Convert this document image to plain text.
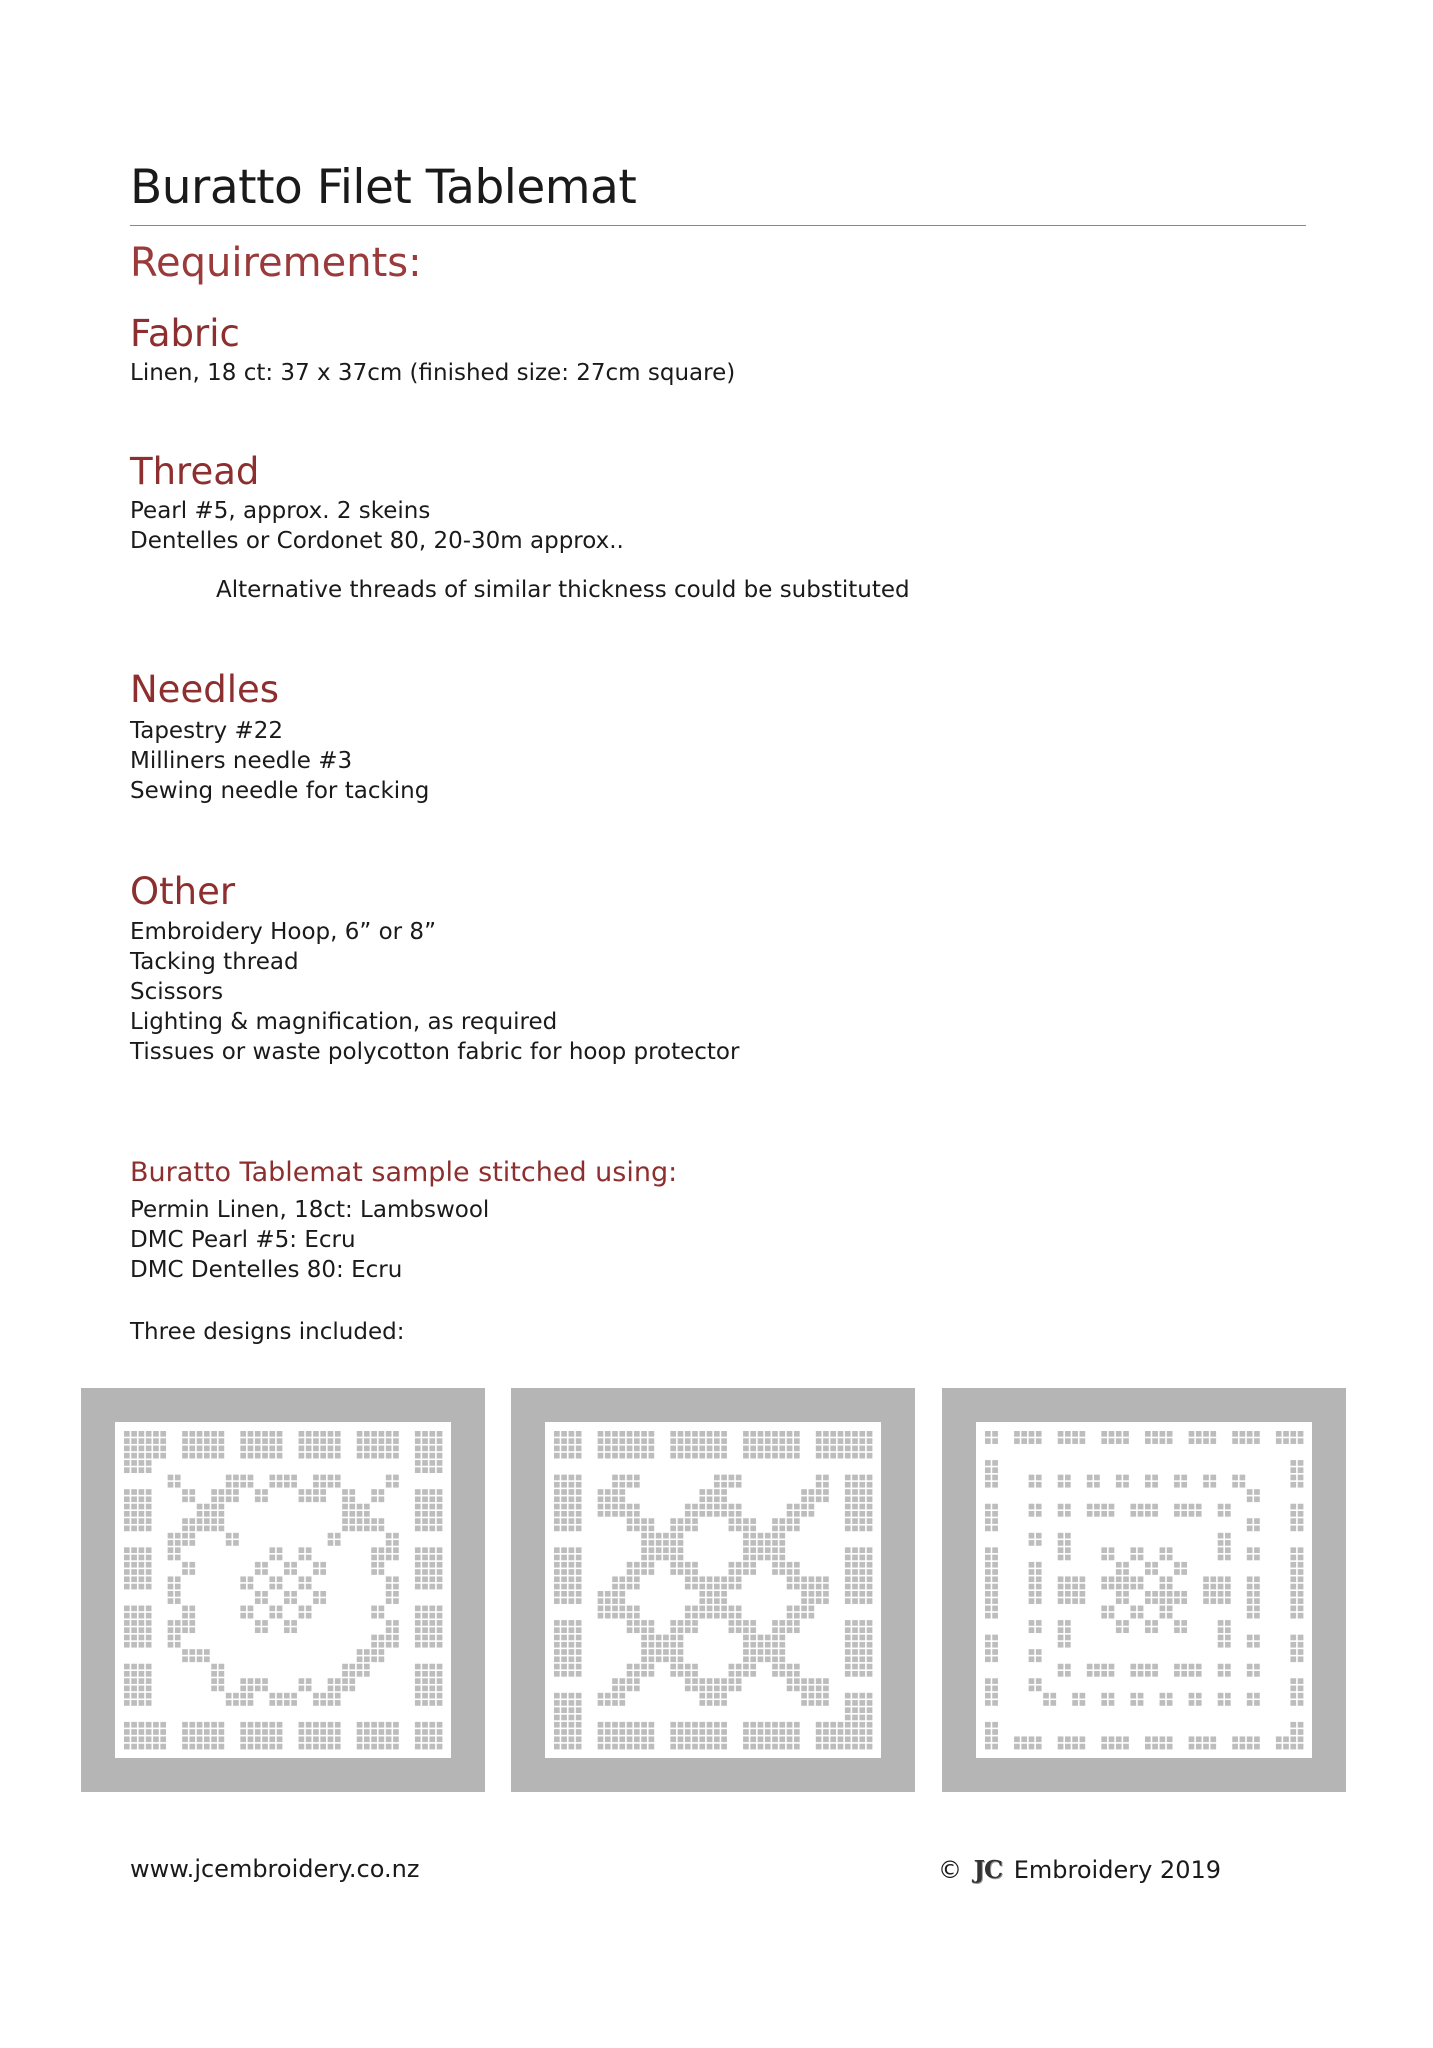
Buratto Filet Tablemat
Requirements:
Fabric
Linen, 18 ct: 37 x 37cm (finished size: 27cm square)
Thread
Pearl #5, approx. 2 skeins
Dentelles or Cordonet 80, 20-30m approx..
Alternative threads of similar thickness could be substituted
Needles
Tapestry #22
Milliners needle #3
Sewing needle for tacking
Other
Embroidery Hoop, 6” or 8”
Tacking thread
Scissors
Lighting & magnification, as required
Tissues or waste polycotton fabric for hoop protector
Buratto Tablemat sample stitched using:
Permin Linen, 18ct: Lambswool
DMC Pearl #5: Ecru
DMC Dentelles 80: Ecru
Three designs included:
www.jcembroidery.co.nz	© JC Embroidery 2019
